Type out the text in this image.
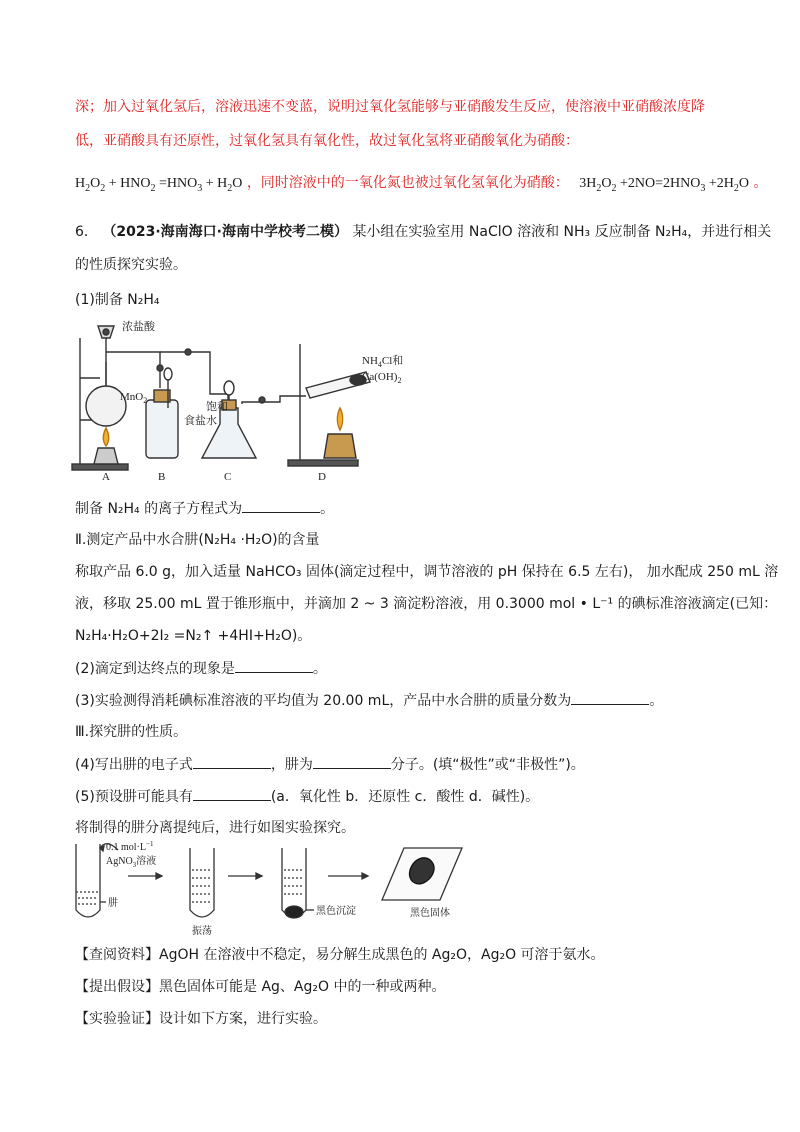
深；加入过氧化氢后，溶液迅速不变蓝，说明过氧化氢能够与亚硝酸发生反应，使溶液中亚硝酸浓度降
低，亚硝酸具有还原性，过氧化氢具有氧化性，故过氧化氢将亚硝酸氧化为硝酸：
$H_2O_2 + HNO_2 =HNO_3 + H_2O$ ，同时溶液中的一氧化氮也被过氧化氢氧化为硝酸： $3H_2O_2 +2NO=2HNO_3 +2H_2O$ 。
6． （2023·海南海口·海南中学校考二模） 某小组在实验室用 NaClO 溶液和 NH₃ 反应制备 N₂H₄，并进行相关
的性质探究实验。
(1)制备 N₂H₄
浓盐酸
MnO$_2$
饱和
食盐水
$NH_4Cl$和
$Ca(OH)_2$
A	B	C	D
制备 N₂H₄ 的离子方程式为	。
Ⅱ.测定产品中水合肼(N₂H₄ ·H₂O)的含量
称取产品 6.0 g，加入适量 NaHCO₃ 固体(滴定过程中，调节溶液的 pH 保持在 6.5 左右)， 加水配成 250 mL 溶
液，移取 25.00 mL 置于锥形瓶中，并滴加 2 ~ 3 滴淀粉溶液，用 0.3000 mol • L⁻¹ 的碘标准溶液滴定(已知：
N₂H₄·H₂O+2I₂ =N₂↑ +4HI+H₂O)。
(2)滴定到达终点的现象是	。
(3)实验测得消耗碘标准溶液的平均值为 20.00 mL，产品中水合肼的质量分数为	。
Ⅲ.探究肼的性质。
(4)写出肼的电子式	，肼为	分子。(填“极性”或“非极性”)。
(5)预设肼可能具有	(a．氧化性 b．还原性 c．酸性 d．碱性)。
将制得的肼分离提纯后，进行如图实验探究。
0.1 $mol\cdot L^{-1}$
AgNO$_3$溶液
肼
振荡
黑色沉淀	黑色固体
【查阅资料】AgOH 在溶液中不稳定，易分解生成黑色的 Ag₂O，Ag₂O 可溶于氨水。
【提出假设】黑色固体可能是 Ag、Ag₂O 中的一种或两种。
【实验验证】设计如下方案，进行实验。
